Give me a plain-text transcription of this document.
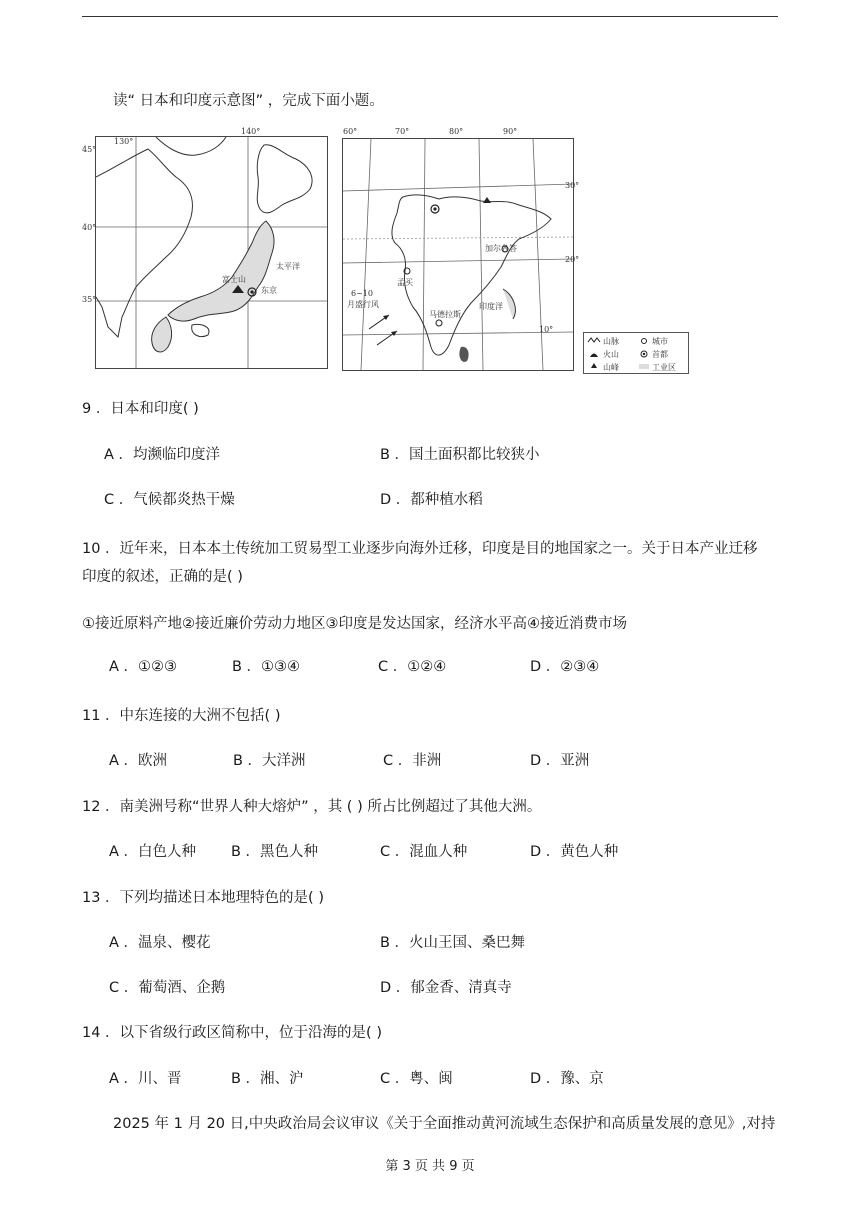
读“ 日本和印度示意图” ，完成下面小题。
130°
140°
45°
40°
35°
富士山
东京
太平洋
60°	70°	80°	90°
30°
20°
10°
加尔各答
孟买
马德拉斯
印度洋
6~10
月盛行风
山脉
火山
山峰
城市
首都
工业区
9 ．日本和印度( )
A ．均濒临印度洋	B ．国土面积都比较狭小
C ．气候都炎热干燥	D ．都种植水稻
10 ．近年来，日本本土传统加工贸易型工业逐步向海外迁移，印度是目的地国家之一。关于日本产业迁移
印度的叙述，正确的是( )
①接近原料产地②接近廉价劳动力地区③印度是发达国家，经济水平高④接近消费市场
A ．①②③	B ．①③④	C ．①②④	D ．②③④
11 ．中东连接的大洲不包括( )
A ．欧洲	B ．大洋洲	C ．非洲	D ．亚洲
12 ．南美洲号称“世界人种大熔炉” ，其 ( ) 所占比例超过了其他大洲。
A ．白色人种 B ．黑色人种	C ．混血人种	D ．黄色人种
13 ．下列均描述日本地理特色的是( )
A ．温泉、樱花	B ．火山王国、桑巴舞
C ．葡萄酒、企鹅	D ．郁金香、清真寺
14 ．以下省级行政区简称中，位于沿海的是( )
A ．川、晋	B ．湘、沪	C ．粤、闽	D ．豫、京
2025 年 1 月 20 日,中央政治局会议审议《关于全面推动黄河流域生态保护和高质量发展的意见》,对持
第 3 页 共 9 页
